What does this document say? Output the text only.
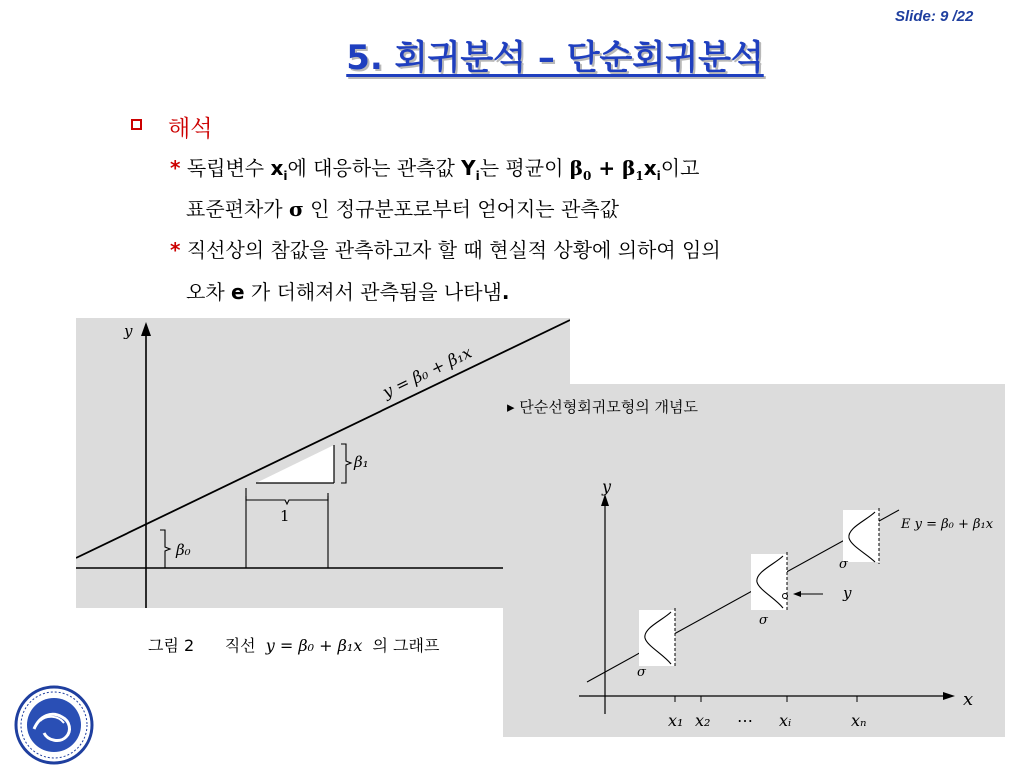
Slide: 9 /22
5. 회귀분석 – 단순회귀분석
해석
* 독립변수 $x_i$에 대응하는 관측값 $Y_i$는 평균이 $\beta_0 + \beta_1x_i$이고
표준편차가 σ 인 정규분포로부터 얻어지는 관측값
* 직선상의 참값을 관측하고자 할 때 현실적 상황에 의하여 임의
오차 e 가 더해져서 관측됨을 나타냄.
y
y = β₀ + β₁x
β₁
β₀
1
그림 2 직선 y = β₀ + β₁x 의 그래프
▸ 단순선형회귀모형의 개념도
y
x
E y = β₀ + β₁x
σ
σ
y
σ
x₁ x₂ … xᵢ	xₙ
